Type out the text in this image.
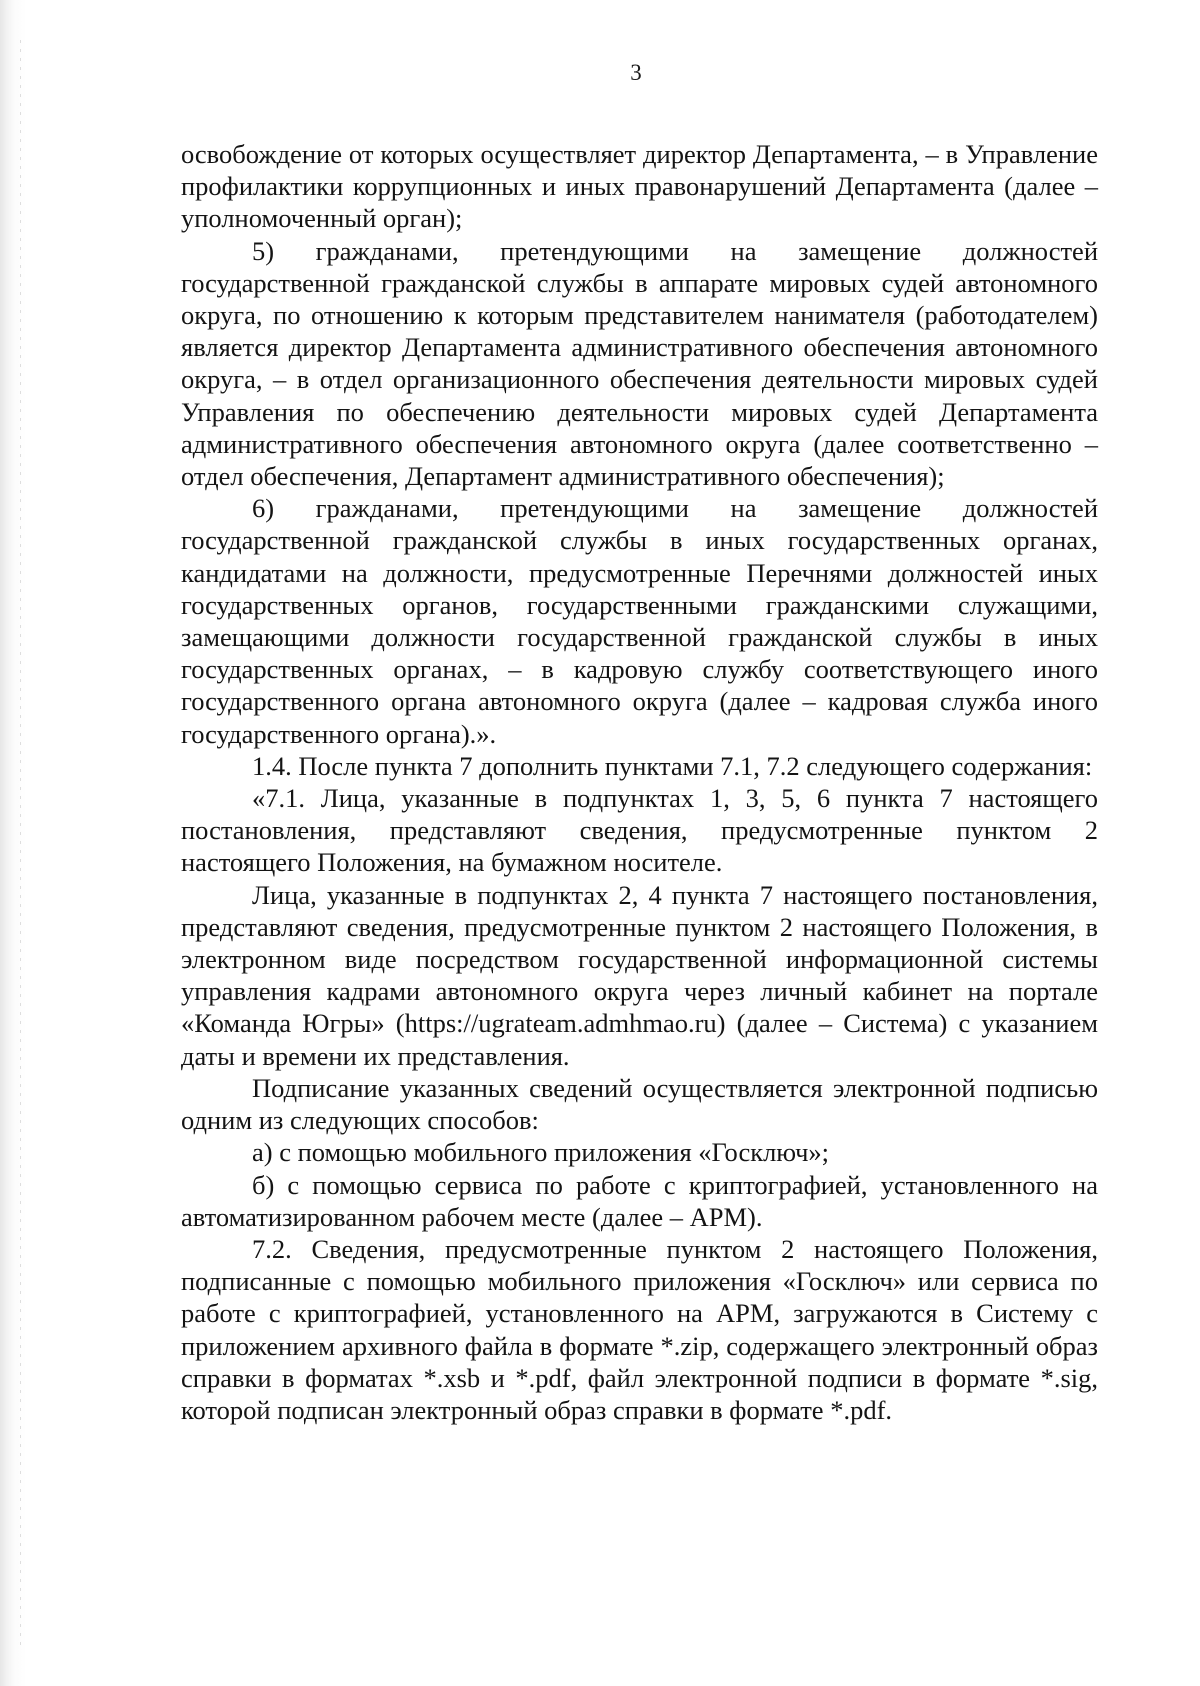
3

освобождение от которых осуществляет директор Департамента, – в Управление профилактики коррупционных и иных правонарушений Департамента (далее – уполномоченный орган);

5) гражданами, претендующими на замещение должностей государственной гражданской службы в аппарате мировых судей автономного округа, по отношению к которым представителем нанимателя (работодателем) является директор Департамента административного обеспечения автономного округа, – в отдел организационного обеспечения деятельности мировых судей Управления по обеспечению деятельности мировых судей Департамента административного обеспечения автономного округа (далее соответственно – отдел обеспечения, Департамент административного обеспечения);

6) гражданами, претендующими на замещение должностей государственной гражданской службы в иных государственных органах, кандидатами на должности, предусмотренные Перечнями должностей иных государственных органов, государственными гражданскими служащими, замещающими должности государственной гражданской службы в иных государственных органах, – в кадровую службу соответствующего иного государственного органа автономного округа (далее – кадровая служба иного государственного органа).».

1.4. После пункта 7 дополнить пунктами 7.1, 7.2 следующего содержания:

«7.1. Лица, указанные в подпунктах 1, 3, 5, 6 пункта 7 настоящего постановления, представляют сведения, предусмотренные пунктом 2 настоящего Положения, на бумажном носителе.

Лица, указанные в подпунктах 2, 4 пункта 7 настоящего постановления, представляют сведения, предусмотренные пунктом 2 настоящего Положения, в электронном виде посредством государственной информационной системы управления кадрами автономного округа через личный кабинет на портале «Команда Югры» (https://ugrateam.admhmao.ru) (далее – Система) с указанием даты и времени их представления.

Подписание указанных сведений осуществляется электронной подписью одним из следующих способов:

а) с помощью мобильного приложения «Госключ»;

б) с помощью сервиса по работе с криптографией, установленного на автоматизированном рабочем месте (далее – АРМ).

7.2. Сведения, предусмотренные пунктом 2 настоящего Положения, подписанные с помощью мобильного приложения «Госключ» или сервиса по работе с криптографией, установленного на АРМ, загружаются в Систему с приложением архивного файла в формате *.zip, содержащего электронный образ справки в форматах *.xsb и *.pdf, файл электронной подписи в формате *.sig, которой подписан электронный образ справки в формате *.pdf.
